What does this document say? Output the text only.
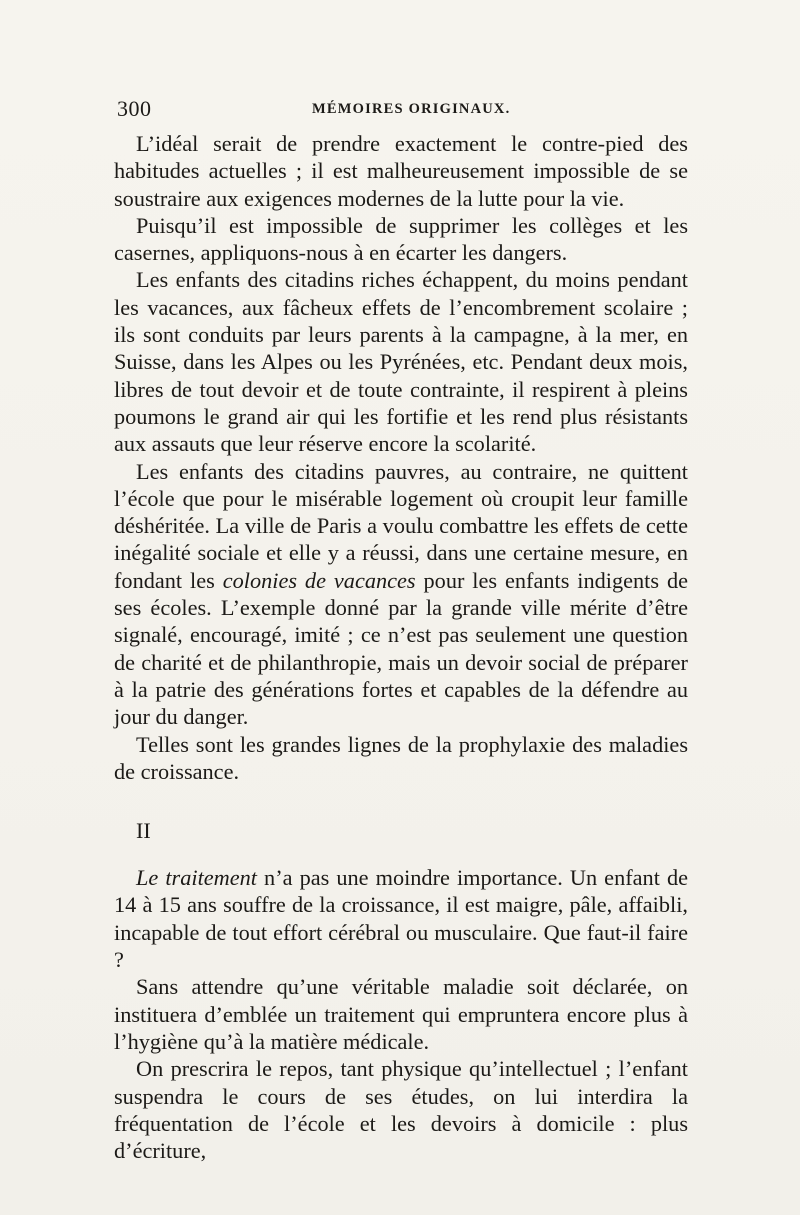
300	MÉMOIRES ORIGINAUX.

L’idéal serait de prendre exactement le contre-pied des habitudes actuelles ; il est malheureusement impossible de se soustraire aux exigences modernes de la lutte pour la vie.

Puisqu’il est impossible de supprimer les collèges et les casernes, appliquons-nous à en écarter les dangers.

Les enfants des citadins riches échappent, du moins pendant les vacances, aux fâcheux effets de l’encombrement scolaire ; ils sont conduits par leurs parents à la campagne, à la mer, en Suisse, dans les Alpes ou les Pyrénées, etc. Pendant deux mois, libres de tout devoir et de toute contrainte, il respirent à pleins poumons le grand air qui les fortifie et les rend plus résistants aux assauts que leur réserve encore la scolarité.

Les enfants des citadins pauvres, au contraire, ne quittent l’école que pour le misérable logement où croupit leur famille déshéritée. La ville de Paris a voulu combattre les effets de cette inégalité sociale et elle y a réussi, dans une certaine mesure, en fondant les colonies de vacances pour les enfants indigents de ses écoles. L’exemple donné par la grande ville mérite d’être signalé, encouragé, imité ; ce n’est pas seulement une question de charité et de philanthropie, mais un devoir social de préparer à la patrie des générations fortes et capables de la défendre au jour du danger.

Telles sont les grandes lignes de la prophylaxie des maladies de croissance.

II

Le traitement n’a pas une moindre importance. Un enfant de 14 à 15 ans souffre de la croissance, il est maigre, pâle, affaibli, incapable de tout effort cérébral ou musculaire. Que faut-il faire ?

Sans attendre qu’une véritable maladie soit déclarée, on instituera d’emblée un traitement qui empruntera encore plus à l’hygiène qu’à la matière médicale.

On prescrira le repos, tant physique qu’intellectuel ; l’enfant suspendra le cours de ses études, on lui interdira la fréquentation de l’école et les devoirs à domicile : plus d’écriture,
